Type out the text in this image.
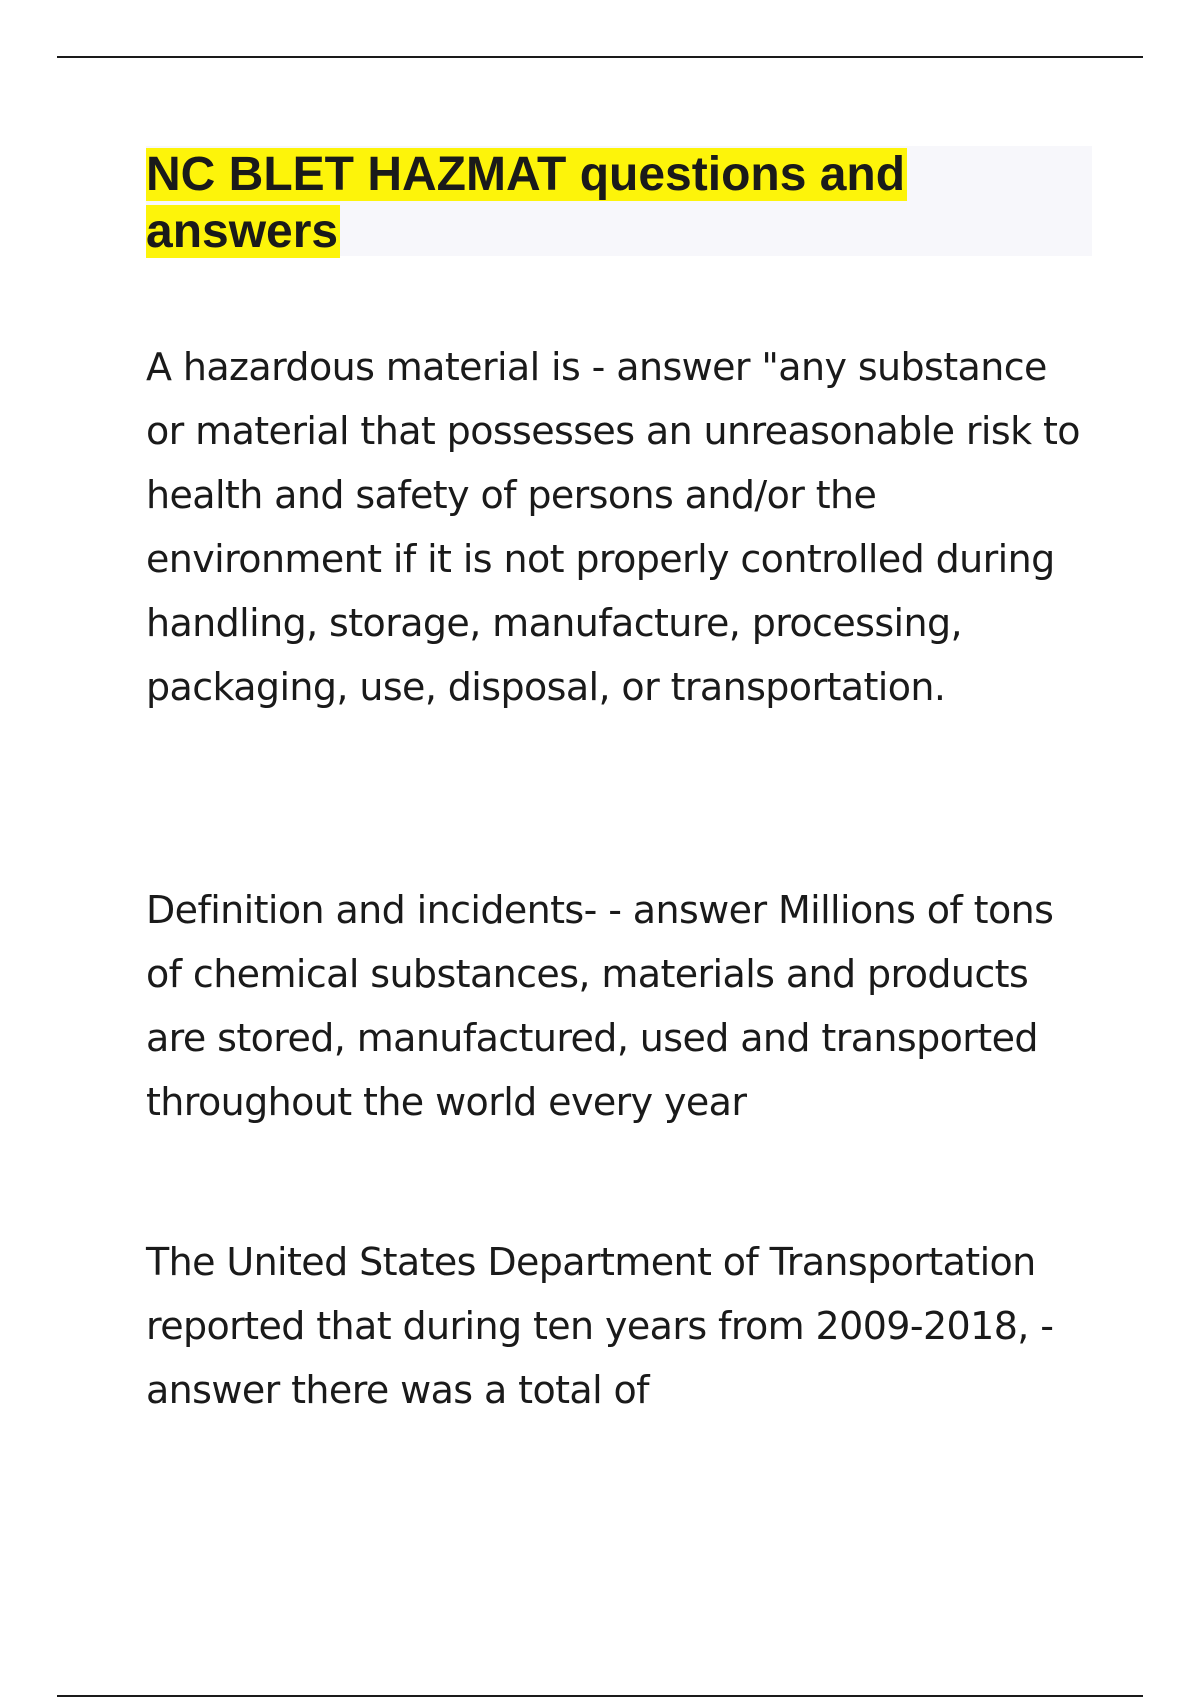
NC BLET HAZMAT questions and answers

A hazardous material is - answer "any substance or material that possesses an unreasonable risk to health and safety of persons and/or the environment if it is not properly controlled during handling, storage, manufacture, processing, packaging, use, disposal, or transportation.

Definition and incidents- - answer Millions of tons of chemical substances, materials and products are stored, manufactured, used and transported throughout the world every year

The United States Department of Transportation reported that during ten years from 2009-2018, - answer there was a total of
